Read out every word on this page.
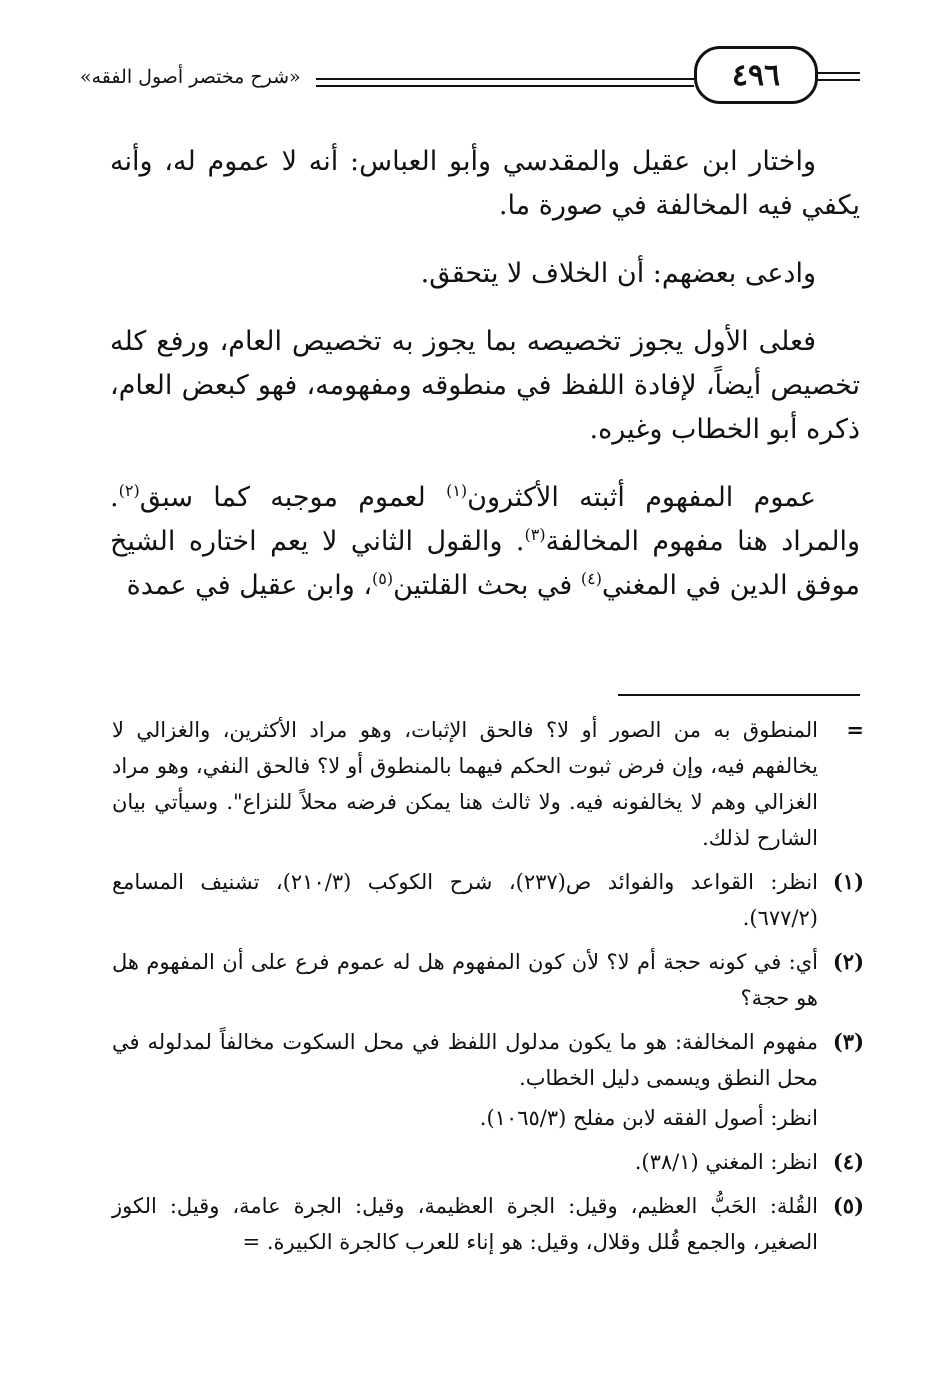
«شرح مختصر أصول الفقه»	٤٩٦

واختار ابن عقيل والمقدسي وأبو العباس: أنه لا عموم له، وأنه يكفي فيه المخالفة في صورة ما.

وادعى بعضهم: أن الخلاف لا يتحقق.

فعلى الأول يجوز تخصيصه بما يجوز به تخصيص العام، ورفع كله تخصيص أيضاً، لإفادة اللفظ في منطوقه ومفهومه، فهو كبعض العام، ذكره أبو الخطاب وغيره.

عموم المفهوم أثبته الأكثرون$^{(١)}$ لعموم موجبه كما سبق$^{(٢)}$. والمراد هنا مفهوم المخالفة$^{(٣)}$. والقول الثاني لا يعم اختاره الشيخ موفق الدين في المغني$^{(٤)}$ في بحث القلتين$^{(٥)}$، وابن عقيل في عمدة

=
المنطوق به من الصور أو لا؟ فالحق الإثبات، وهو مراد الأكثرين، والغزالي لا يخالفهم فيه، وإن فرض ثبوت الحكم فيهما بالمنطوق أو لا؟ فالحق النفي، وهو مراد الغزالي وهم لا يخالفونه فيه. ولا ثالث هنا يمكن فرضه محلاً للنزاع". وسيأتي بيان الشارح لذلك.
(١)
انظر: القواعد والفوائد ص(٢٣٧)، شرح الكوكب (٢١٠/٣)، تشنيف المسامع (٦٧٧/٢).
(٢)
أي: في كونه حجة أم لا؟ لأن كون المفهوم هل له عموم فرع على أن المفهوم هل هو حجة؟
(٣)
مفهوم المخالفة: هو ما يكون مدلول اللفظ في محل السكوت مخالفاً لمدلوله في محل النطق ويسمى دليل الخطاب.
انظر: أصول الفقه لابن مفلح (١٠٦٥/٣).
(٤)
انظر: المغني (٣٨/١).
(٥)
القُلة: الحَبُّ العظيم، وقيل: الجرة العظيمة، وقيل: الجرة عامة، وقيل: الكوز الصغير، والجمع قُلل وقلال، وقيل: هو إناء للعرب كالجرة الكبيرة. =
